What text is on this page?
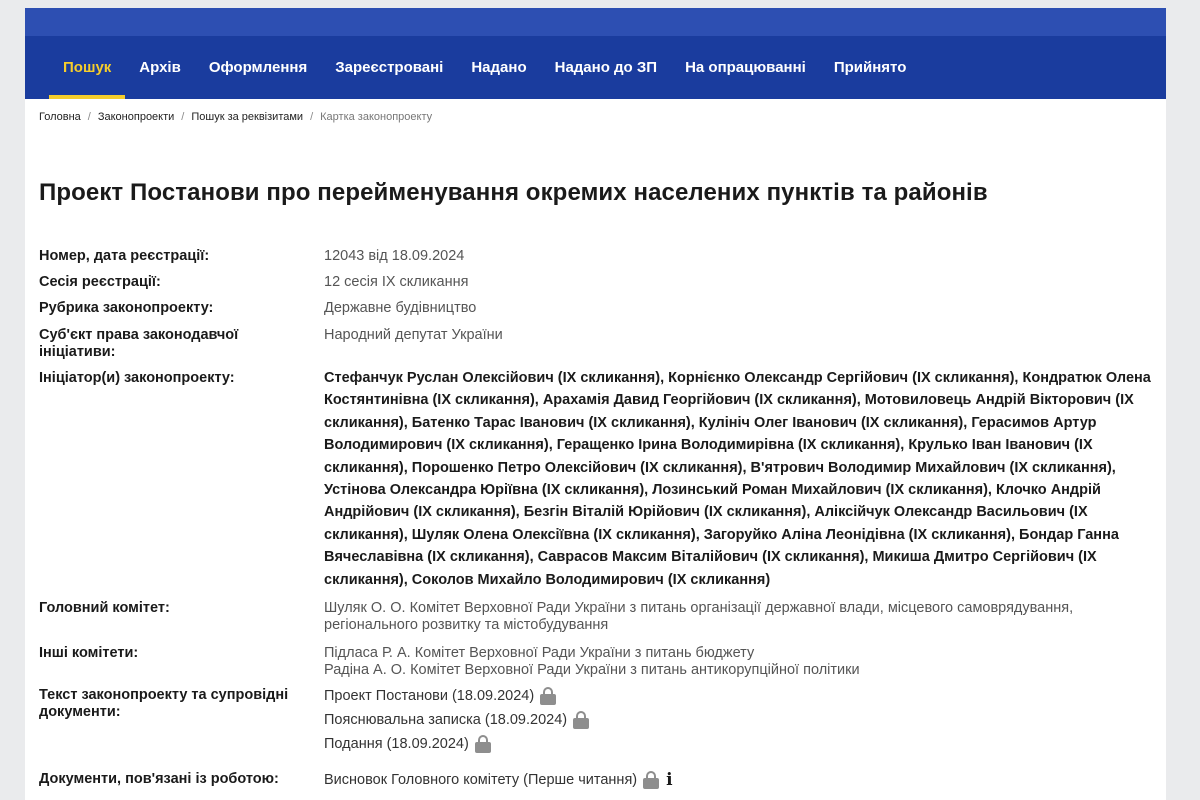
Пошук	Архів	Оформлення	Зареєстровані	Надано	Надано до ЗП	На опрацюванні	Прийнято
Головна / Законопроекти / Пошук за реквізитами / Картка законопроекту
Проект Постанови про перейменування окремих населених пунктів та районів
Номер, дата реєстрації:	12043 від 18.09.2024
Сесія реєстрації:	12 сесія IX скликання
Рубрика законопроекту:	Державне будівництво
Суб'єкт права законодавчої ініціативи:
Народний депутат України
Ініціатор(и) законопроекту:	Стефанчук Руслан Олексійович (IX скликання), Корнієнко Олександр Сергійович (IX скликання), Кондратюк Олена Костянтинівна (IX скликання), Арахамія Давид Георгійович (IX скликання), Мотовиловець Андрій Вікторович (IX скликання), Батенко Тарас Іванович (IX скликання), Кулініч Олег Іванович (IX скликання), Герасимов Артур Володимирович (IX скликання), Геращенко Ірина Володимирівна (IX скликання), Крулько Іван Іванович (IX скликання), Порошенко Петро Олексійович (IX скликання), В'ятрович Володимир Михайлович (IX скликання), Устінова Олександра Юріївна (IX скликання), Лозинський Роман Михайлович (IX скликання), Клочко Андрій Андрійович (IX скликання), Безгін Віталій Юрійович (IX скликання), Аліксійчук Олександр Васильович (IX скликання), Шуляк Олена Олексіївна (IX скликання), Загоруйко Аліна Леонідівна (IX скликання), Бондар Ганна Вячеславівна (IX скликання), Саврасов Максим Віталійович (IX скликання), Микиша Дмитро Сергійович (IX скликання), Соколов Михайло Володимирович (IX скликання)
Головний комітет:	Шуляк О. О. Комітет Верховної Ради України з питань організації державної влади, місцевого самоврядування, регіонального розвитку та містобудування
Інші комітети:	Підласа Р. А. Комітет Верховної Ради України з питань бюджету
Радіна А. О. Комітет Верховної Ради України з питань антикорупційної політики
Текст законопроекту та супровідні документи:
Проект Постанови (18.09.2024)
Пояснювальна записка (18.09.2024)
Подання (18.09.2024)
Документи, пов'язані із роботою:	Висновок Головного комітету (Перше читання) i
